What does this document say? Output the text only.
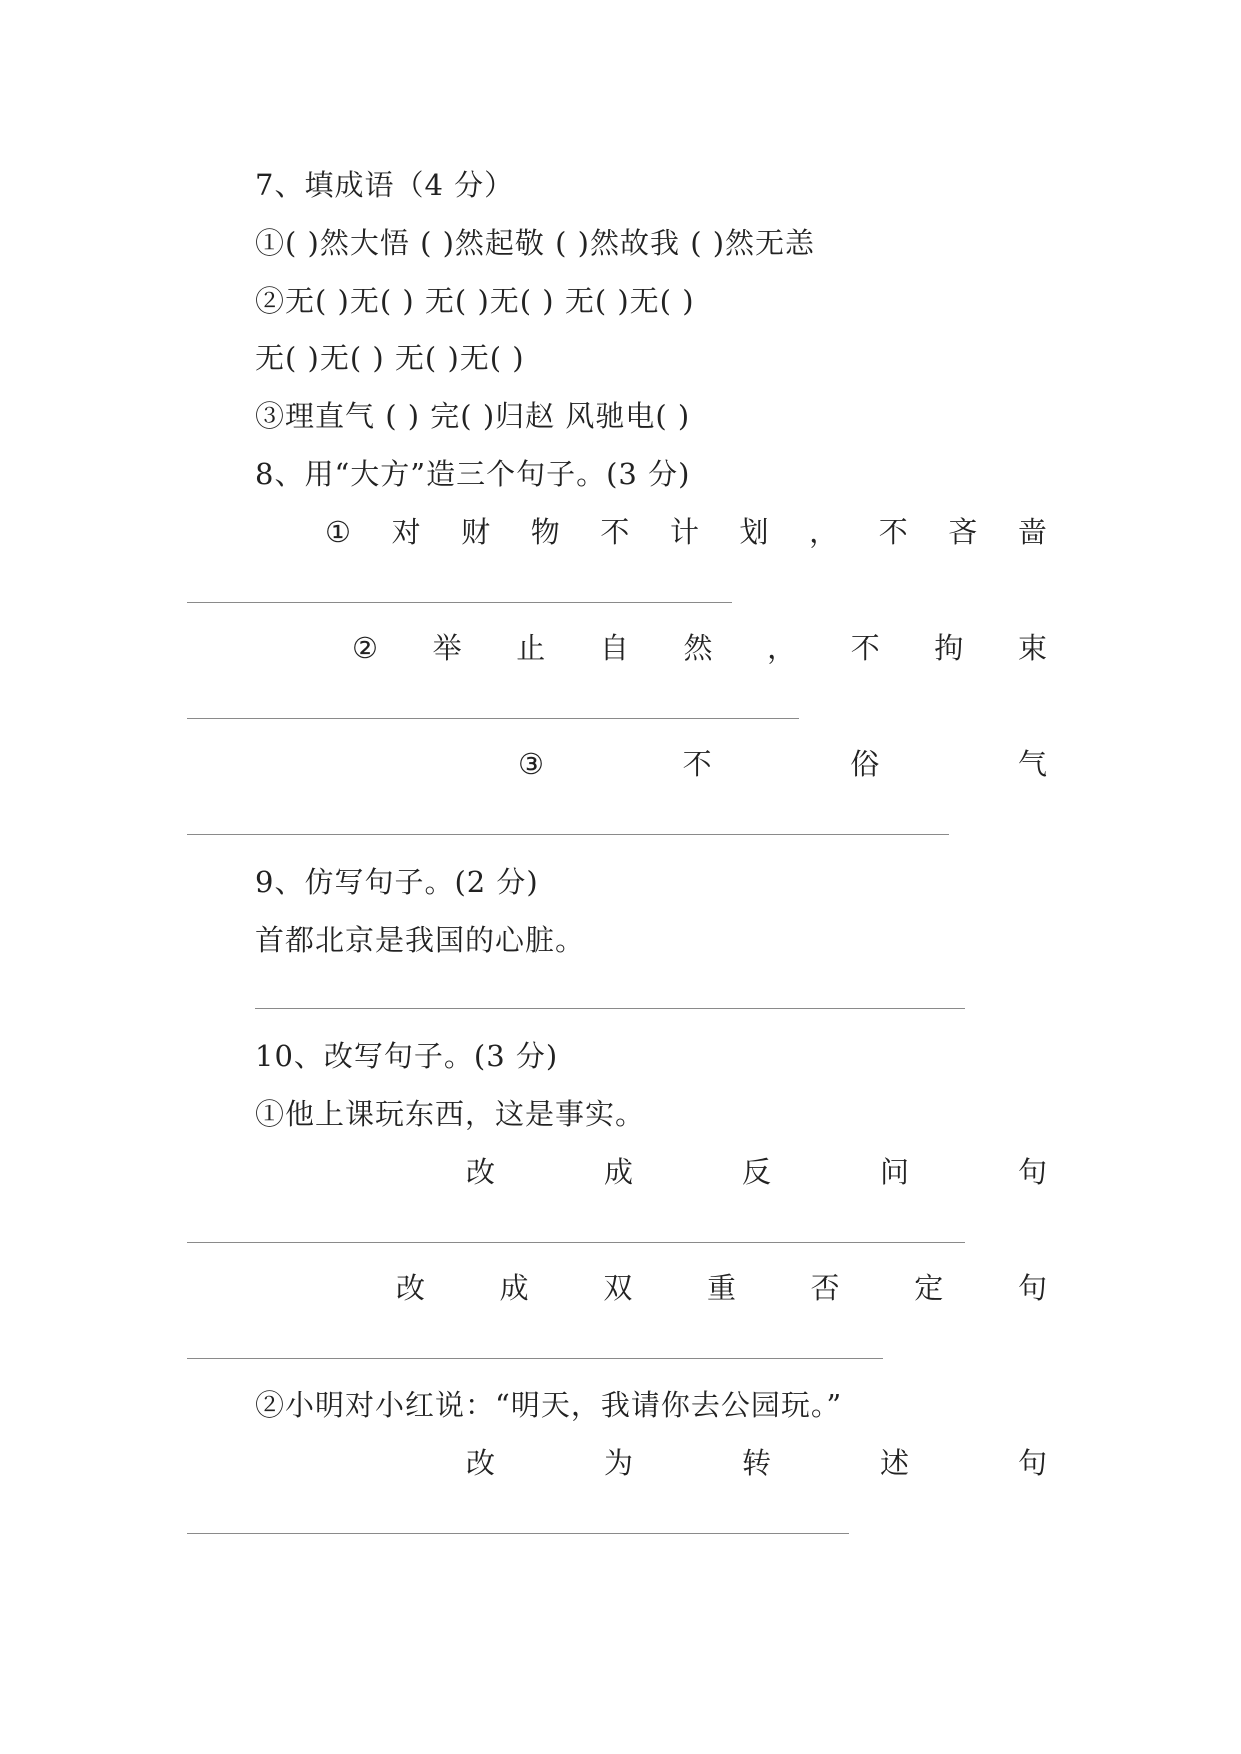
7、填成语（4 分）
①( )然大悟 ( )然起敬 ( )然故我 ( )然无恙
②无( )无( ) 无( )无( ) 无( )无( )
无( )无( ) 无( )无( )
③理直气 ( ) 完( )归赵 风驰电( )
8、用“大方”造三个句子。(3 分)
① 对 财 物 不 计 划 ， 不 吝 啬
② 举 止 自 然 ， 不 拘 束
③	不	俗	气
9、仿写句子。(2 分)
首都北京是我国的心脏。
10、改写句子。(3 分)
①他上课玩东西，这是事实。
改	成	反	问	句
改	成	双	重	否	定	句
②小明对小红说：“明天，我请你去公园玩。”
改	为	转	述	句
